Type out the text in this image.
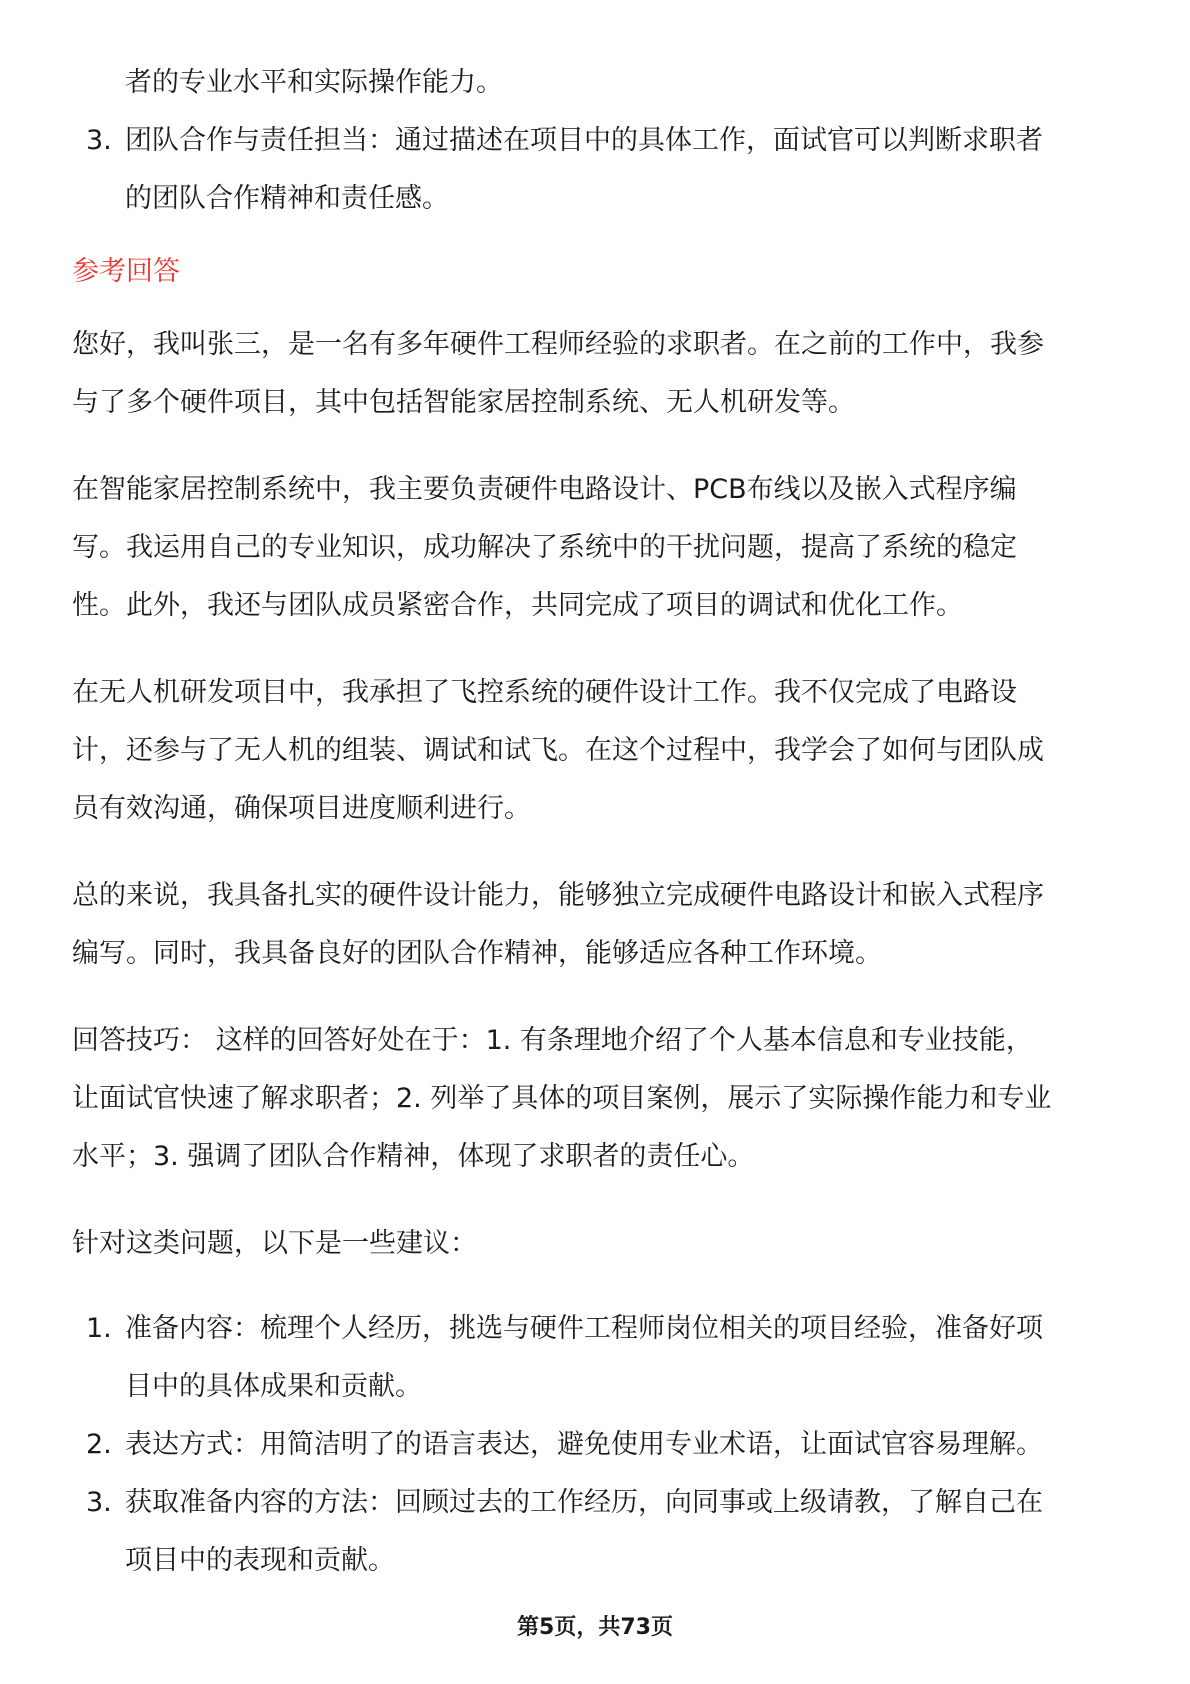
者的专业水平和实际操作能力。
3. 团队合作与责任担当：通过描述在项目中的具体工作，面试官可以判断求职者
的团队合作精神和责任感。
参考回答
您好，我叫张三，是一名有多年硬件工程师经验的求职者。在之前的工作中，我参
与了多个硬件项目，其中包括智能家居控制系统、无人机研发等。
在智能家居控制系统中，我主要负责硬件电路设计、PCB布线以及嵌入式程序编
写。我运用自己的专业知识，成功解决了系统中的干扰问题，提高了系统的稳定
性。此外，我还与团队成员紧密合作，共同完成了项目的调试和优化工作。
在无人机研发项目中，我承担了飞控系统的硬件设计工作。我不仅完成了电路设
计，还参与了无人机的组装、调试和试飞。在这个过程中，我学会了如何与团队成
员有效沟通，确保项目进度顺利进行。
总的来说，我具备扎实的硬件设计能力，能够独立完成硬件电路设计和嵌入式程序
编写。同时，我具备良好的团队合作精神，能够适应各种工作环境。
回答技巧： 这样的回答好处在于：1. 有条理地介绍了个人基本信息和专业技能，
让面试官快速了解求职者；2. 列举了具体的项目案例，展示了实际操作能力和专业
水平；3. 强调了团队合作精神，体现了求职者的责任心。
针对这类问题，以下是一些建议：
1. 准备内容：梳理个人经历，挑选与硬件工程师岗位相关的项目经验，准备好项
目中的具体成果和贡献。
2. 表达方式：用简洁明了的语言表达，避免使用专业术语，让面试官容易理解。
3. 获取准备内容的方法：回顾过去的工作经历，向同事或上级请教，了解自己在
项目中的表现和贡献。
第5页，共73页
